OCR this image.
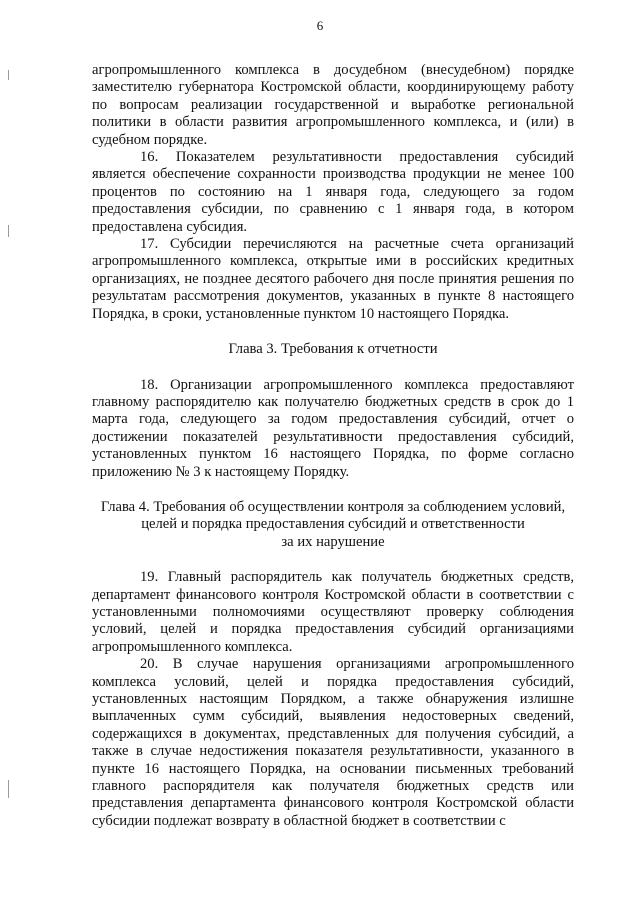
6

агропромышленного комплекса в досудебном (внесудебном) порядке заместителю губернатора Костромской области, координирующему работу по вопросам реализации государственной и выработке региональной политики в области развития агропромышленного комплекса, и (или) в судебном порядке.

16. Показателем результативности предоставления субсидий является обеспечение сохранности производства продукции не менее 100 процентов по состоянию на 1 января года, следующего за годом предоставления субсидии, по сравнению с 1 января года, в котором предоставлена субсидия.

17. Субсидии перечисляются на расчетные счета организаций агропромышленного комплекса, открытые ими в российских кредитных организациях, не позднее десятого рабочего дня после принятия решения по результатам рассмотрения документов, указанных в пункте 8 настоящего Порядка, в сроки, установленные пунктом 10 настоящего Порядка.

Глава 3. Требования к отчетности

18. Организации агропромышленного комплекса предоставляют главному распорядителю как получателю бюджетных средств в срок до 1 марта года, следующего за годом предоставления субсидий, отчет о достижении показателей результативности предоставления субсидий, установленных пунктом 16 настоящего Порядка, по форме согласно приложению № 3 к настоящему Порядку.

Глава 4. Требования об осуществлении контроля за соблюдением условий,

целей и порядка предоставления субсидий и ответственности

за их нарушение

19. Главный распорядитель как получатель бюджетных средств, департамент финансового контроля Костромской области в соответствии с установленными полномочиями осуществляют проверку соблюдения условий, целей и порядка предоставления субсидий организациями агропромышленного комплекса.

20. В случае нарушения организациями агропромышленного комплекса условий, целей и порядка предоставления субсидий, установленных настоящим Порядком, а также обнаружения излишне выплаченных сумм субсидий, выявления недостоверных сведений, содержащихся в документах, представленных для получения субсидий, а также в случае недостижения показателя результативности, указанного в пункте 16 настоящего Порядка, на основании письменных требований главного распорядителя как получателя бюджетных средств или представления департамента финансового контроля Костромской области субсидии подлежат возврату в областной бюджет в соответствии с
